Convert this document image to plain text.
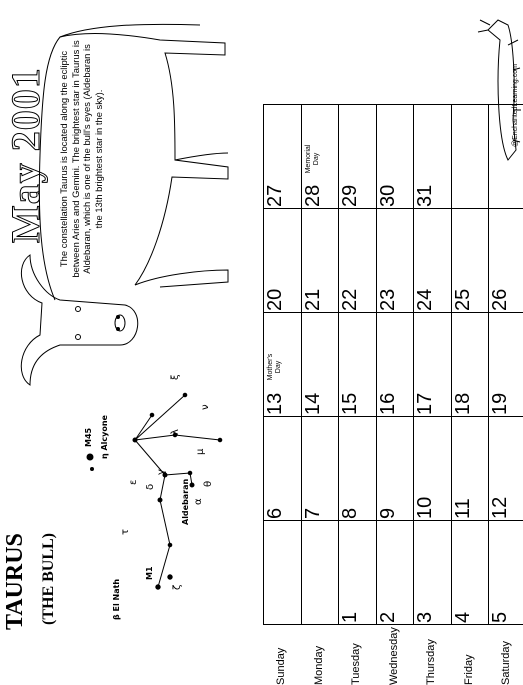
May 2001
TAURUS (THE BULL)
The constellation Taurus is located along the ecliptic between Aries and Gemini. The brightest star in Taurus is Aldebaran, which is one of the bull's eyes (Aldebaran is the 13th brightest star in the sky).
β El Nath
M1
ζ
τ
Aldebaran α
θ
δ
γ
ε
λ
μ
ν
ξ
M45 η Alcyone
Sunday Monday Tuesday Wednesday Thursday Friday Saturday
1 2 3 4 5
6 7 8 9 10 11 12
13 14 15 16 17 18 19
20 21 22 23 24 25 26
27 28 29 30 31
Mother's Day
Memorial Day
@EnchantedLearning.com
